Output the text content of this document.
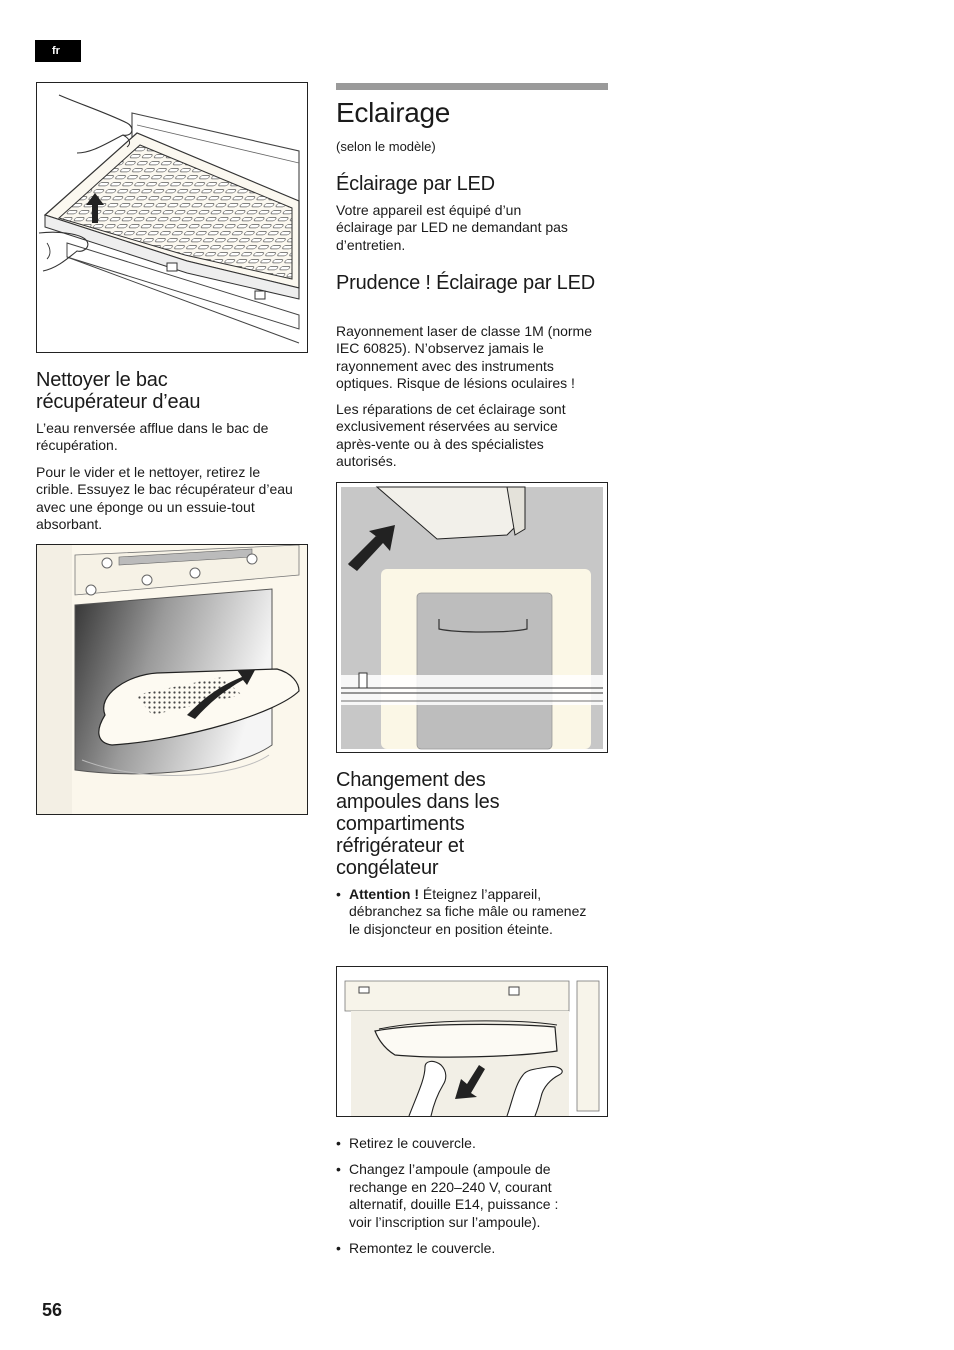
fr
Nettoyer le bac récupérateur d’eau

L’eau renversée afflue dans le bac de récupération.

Pour le vider et le nettoyer, retirez le crible. Essuyez le bac récupérateur d’eau avec une éponge ou un essuie-tout absorbant.

Eclairage

(selon le modèle)

Éclairage par LED

Votre appareil est équipé d’un éclairage par LED ne demandant pas d’entretien.

Prudence ! Éclairage par LED

Rayonnement laser de classe 1M (norme IEC 60825). N’observez jamais le rayonnement avec des instruments optiques. Risque de lésions oculaires !

Les réparations de cet éclairage sont exclusivement réservées au service après-vente ou à des spécialistes autorisés.

Changement des ampoules dans les compartiments réfrigérateur et congélateur
• Attention ! Éteignez l’appareil, débranchez sa fiche mâle ou ramenez le disjoncteur en position éteinte.
• Retirez le couvercle.
• Changez l’ampoule (ampoule de rechange en 220–240 V, courant alternatif, douille E14, puissance : voir l’inscription sur l’ampoule).
• Remontez le couvercle.
56
